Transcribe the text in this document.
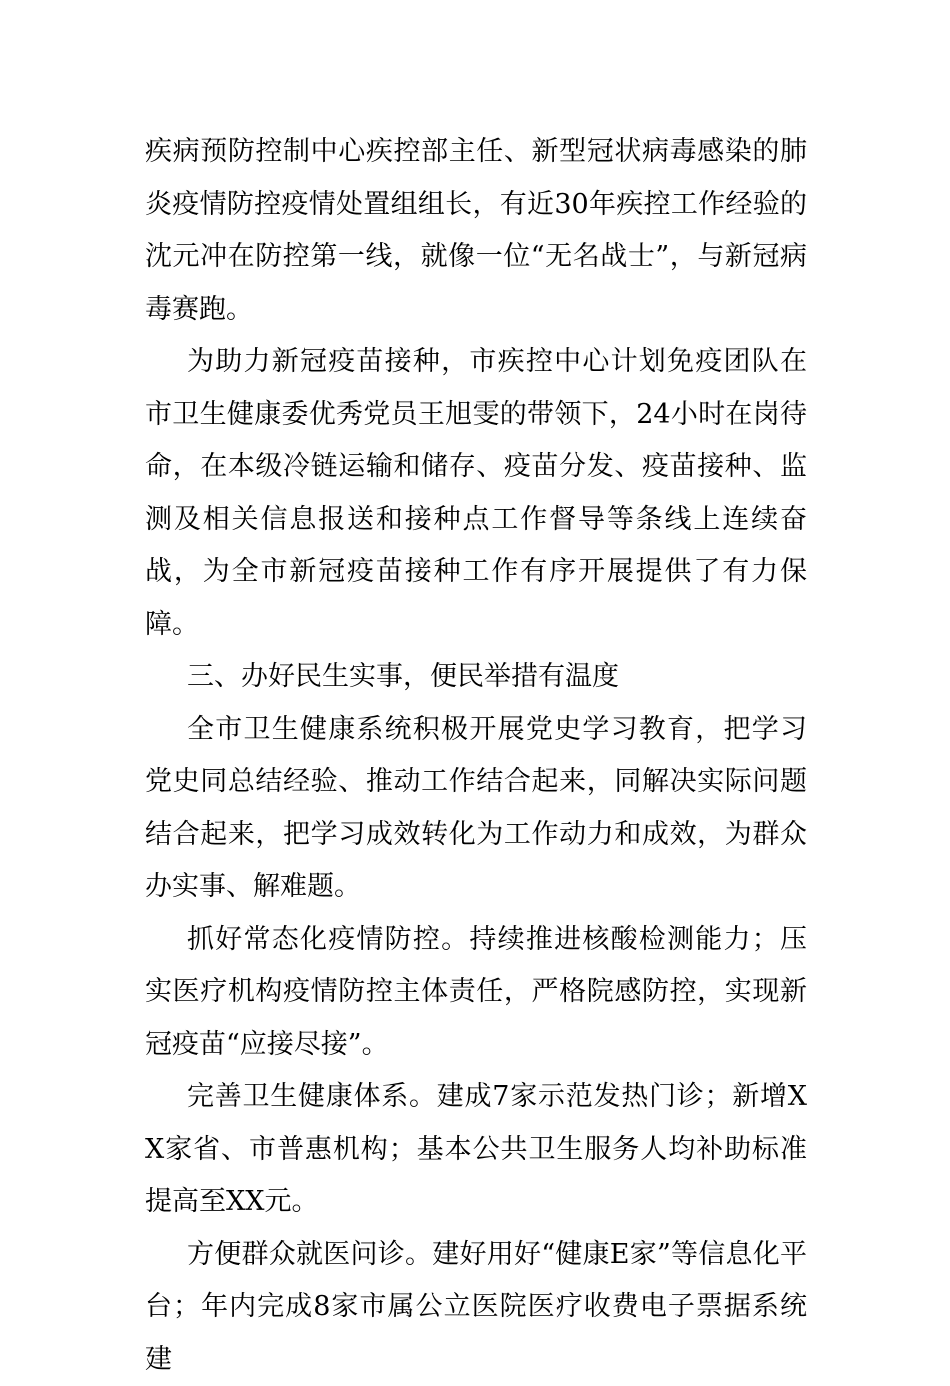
疾病预防控制中心疾控部主任、新型冠状病毒感染的肺炎疫情防控疫情处置组组长，有近30年疾控工作经验的沈元冲在防控第一线，就像一位“无名战士”，与新冠病毒赛跑。

为助力新冠疫苗接种，市疾控中心计划免疫团队在市卫生健康委优秀党员王旭雯的带领下，24小时在岗待命，在本级冷链运输和储存、疫苗分发、疫苗接种、监测及相关信息报送和接种点工作督导等条线上连续奋战，为全市新冠疫苗接种工作有序开展提供了有力保障。

三、办好民生实事，便民举措有温度

全市卫生健康系统积极开展党史学习教育，把学习党史同总结经验、推动工作结合起来，同解决实际问题结合起来，把学习成效转化为工作动力和成效，为群众办实事、解难题。

抓好常态化疫情防控。持续推进核酸检测能力；压实医疗机构疫情防控主体责任，严格院感防控，实现新冠疫苗“应接尽接”。

完善卫生健康体系。建成7家示范发热门诊；新增XX家省、市普惠机构；基本公共卫生服务人均补助标准提高至XX元。

方便群众就医问诊。建好用好“健康E家”等信息化平台；年内完成8家市属公立医院医疗收费电子票据系统建
